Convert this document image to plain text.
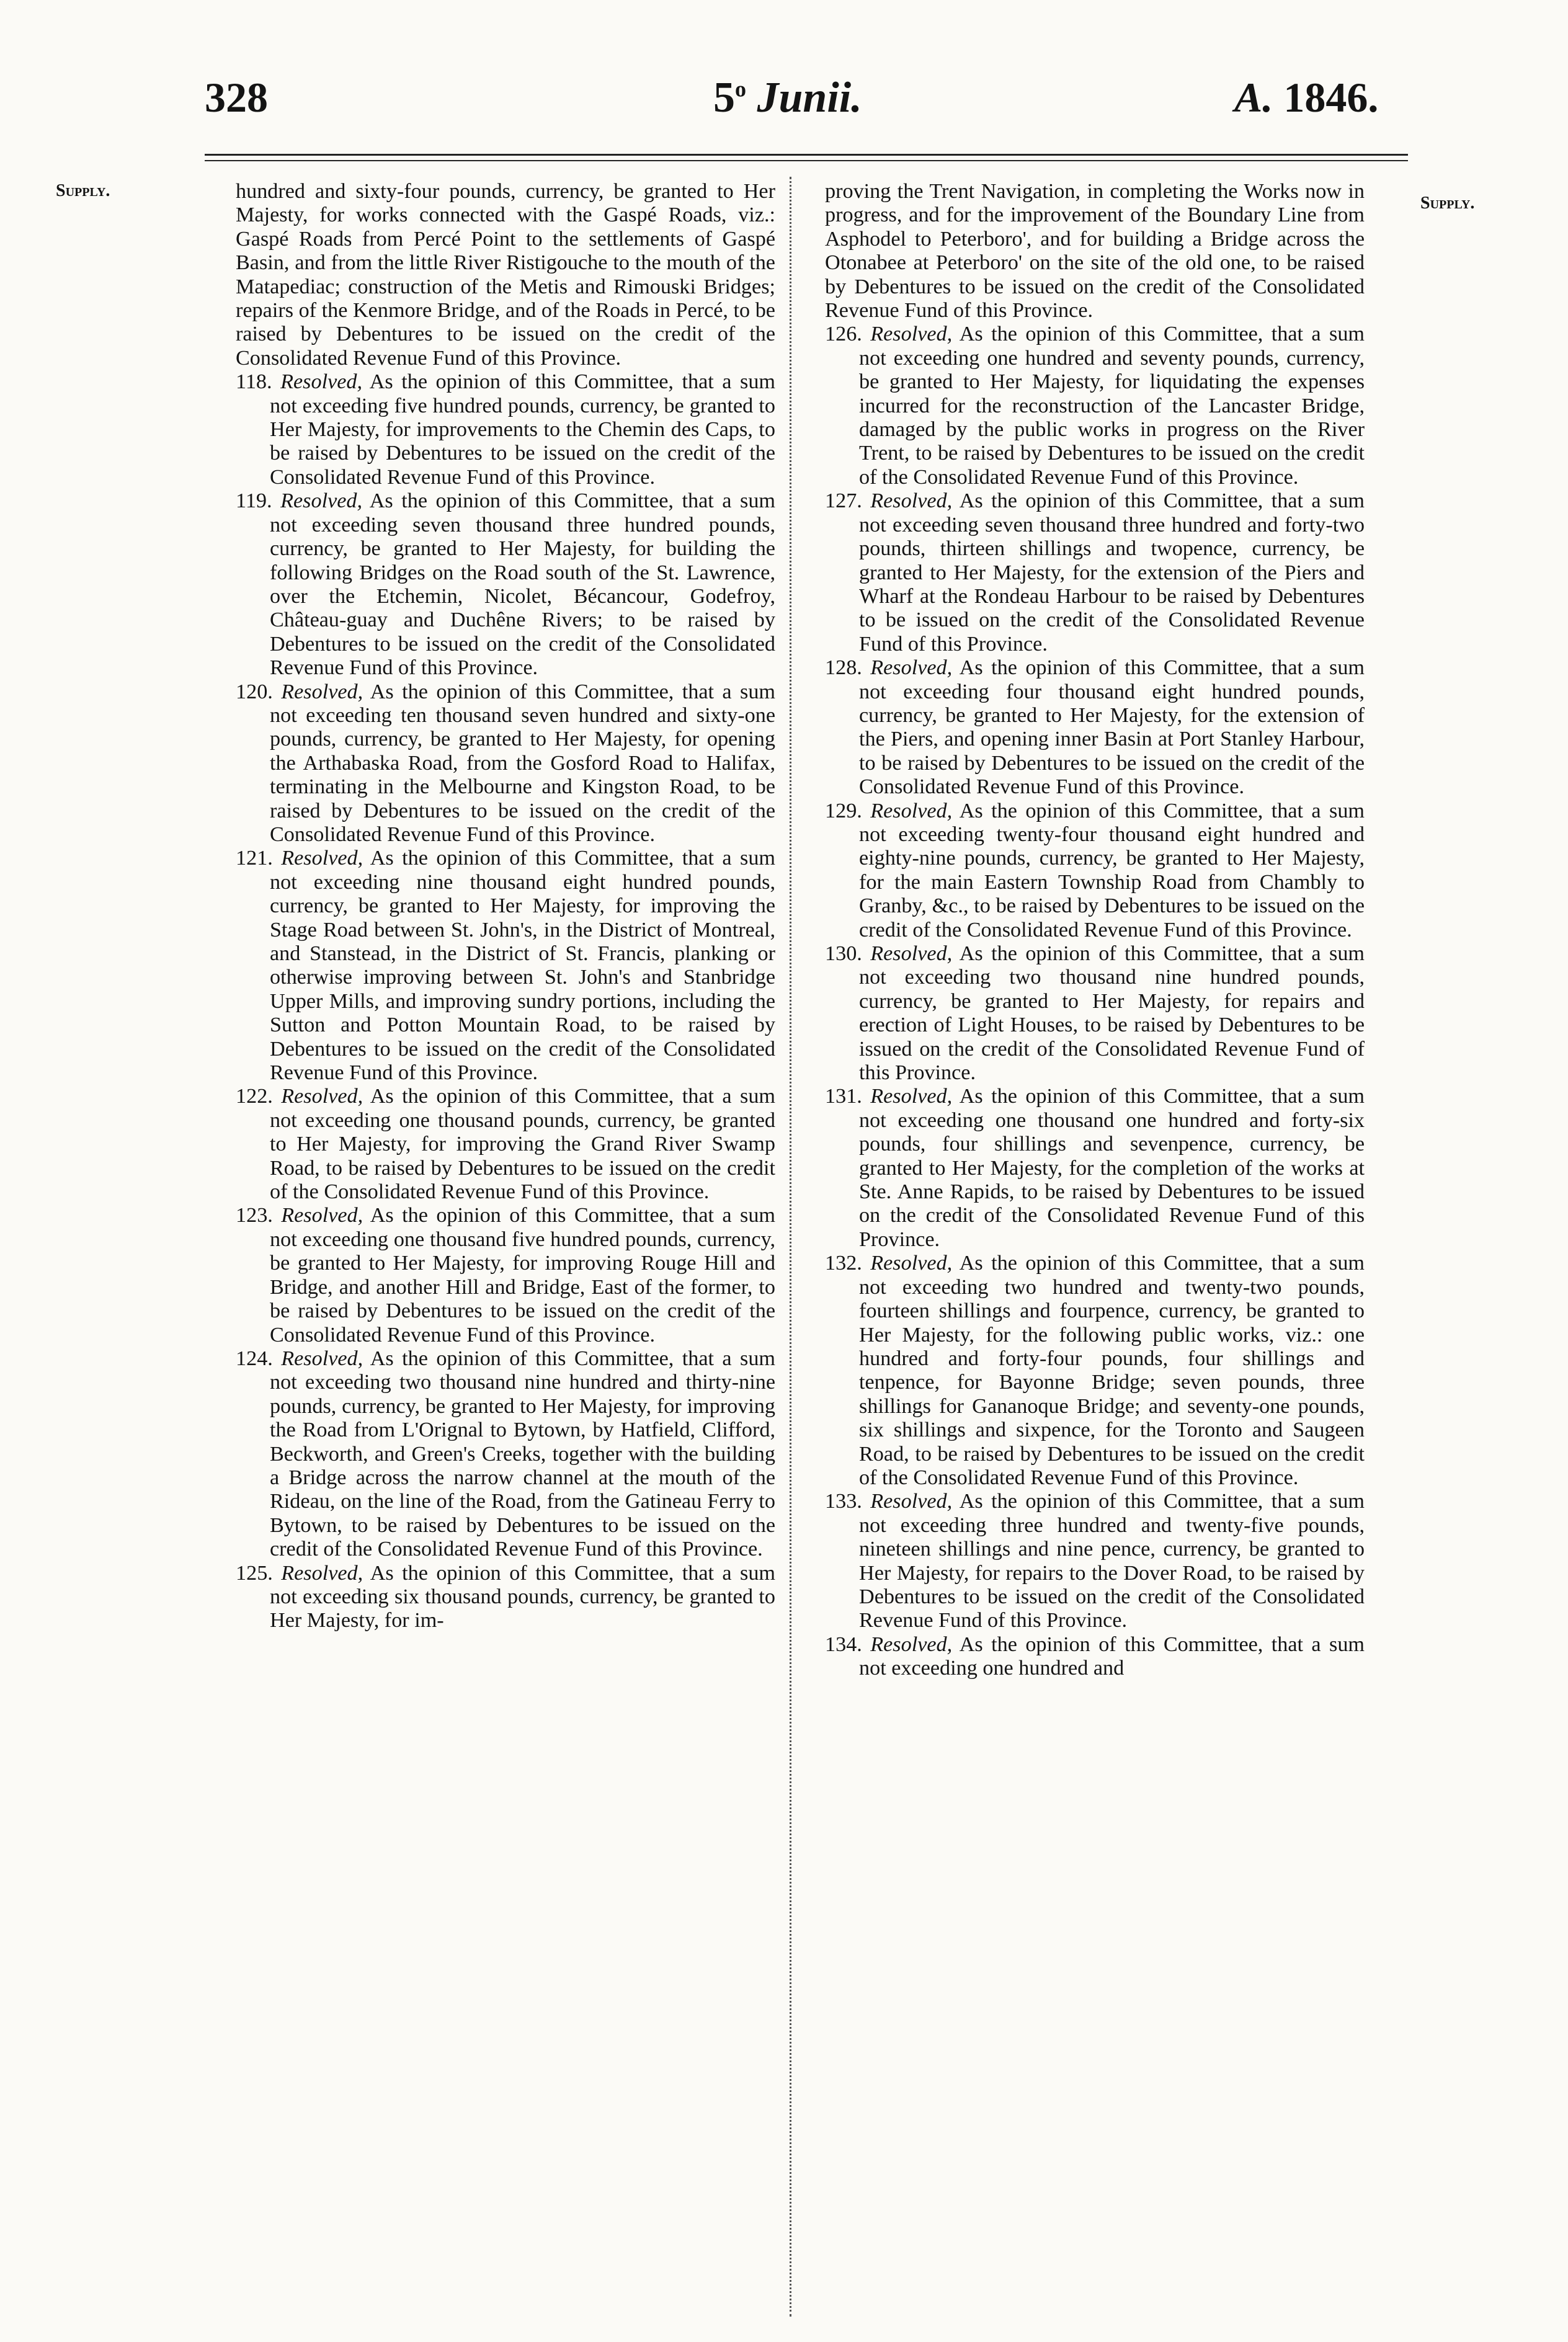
328	5$^o$ Junii.	A. 1846.
Supply.
Supply.

hundred and sixty-four pounds, currency, be granted to Her Majesty, for works connected with the Gaspé Roads, viz.: Gaspé Roads from Percé Point to the settlements of Gaspé Basin, and from the little River Ristigouche to the mouth of the Matapediac; construction of the Metis and Rimouski Bridges; repairs of the Kenmore Bridge, and of the Roads in Percé, to be raised by Debentures to be issued on the credit of the Consolidated Revenue Fund of this Province.

118. Resolved, As the opinion of this Committee, that a sum not exceeding five hundred pounds, currency, be granted to Her Majesty, for improvements to the Chemin des Caps, to be raised by Debentures to be issued on the credit of the Consolidated Revenue Fund of this Province.

119. Resolved, As the opinion of this Committee, that a sum not exceeding seven thousand three hundred pounds, currency, be granted to Her Majesty, for building the following Bridges on the Road south of the St. Lawrence, over the Etchemin, Nicolet, Bécancour, Godefroy, Château-guay and Duchêne Rivers; to be raised by Debentures to be issued on the credit of the Consolidated Revenue Fund of this Province.

120. Resolved, As the opinion of this Committee, that a sum not exceeding ten thousand seven hundred and sixty-one pounds, currency, be granted to Her Majesty, for opening the Arthabaska Road, from the Gosford Road to Halifax, terminating in the Melbourne and Kingston Road, to be raised by Debentures to be issued on the credit of the Consolidated Revenue Fund of this Province.

121. Resolved, As the opinion of this Committee, that a sum not exceeding nine thousand eight hundred pounds, currency, be granted to Her Majesty, for improving the Stage Road between St. John's, in the District of Montreal, and Stanstead, in the District of St. Francis, planking or otherwise improving between St. John's and Stanbridge Upper Mills, and improving sundry portions, including the Sutton and Potton Mountain Road, to be raised by Debentures to be issued on the credit of the Consolidated Revenue Fund of this Province.

122. Resolved, As the opinion of this Committee, that a sum not exceeding one thousand pounds, currency, be granted to Her Majesty, for improving the Grand River Swamp Road, to be raised by Debentures to be issued on the credit of the Consolidated Revenue Fund of this Province.

123. Resolved, As the opinion of this Committee, that a sum not exceeding one thousand five hundred pounds, currency, be granted to Her Majesty, for improving Rouge Hill and Bridge, and another Hill and Bridge, East of the former, to be raised by Debentures to be issued on the credit of the Consolidated Revenue Fund of this Province.

124. Resolved, As the opinion of this Committee, that a sum not exceeding two thousand nine hundred and thirty-nine pounds, currency, be granted to Her Majesty, for improving the Road from L'Orignal to Bytown, by Hatfield, Clifford, Beckworth, and Green's Creeks, together with the building a Bridge across the narrow channel at the mouth of the Rideau, on the line of the Road, from the Gatineau Ferry to Bytown, to be raised by Debentures to be issued on the credit of the Consolidated Revenue Fund of this Province.

125. Resolved, As the opinion of this Committee, that a sum not exceeding six thousand pounds, currency, be granted to Her Majesty, for im-

proving the Trent Navigation, in completing the Works now in progress, and for the improvement of the Boundary Line from Asphodel to Peterboro', and for building a Bridge across the Otonabee at Peterboro' on the site of the old one, to be raised by Debentures to be issued on the credit of the Consolidated Revenue Fund of this Province.

126. Resolved, As the opinion of this Committee, that a sum not exceeding one hundred and seventy pounds, currency, be granted to Her Majesty, for liquidating the expenses incurred for the reconstruction of the Lancaster Bridge, damaged by the public works in progress on the River Trent, to be raised by Debentures to be issued on the credit of the Consolidated Revenue Fund of this Province.

127. Resolved, As the opinion of this Committee, that a sum not exceeding seven thousand three hundred and forty-two pounds, thirteen shillings and twopence, currency, be granted to Her Majesty, for the extension of the Piers and Wharf at the Rondeau Harbour to be raised by Debentures to be issued on the credit of the Consolidated Revenue Fund of this Province.

128. Resolved, As the opinion of this Committee, that a sum not exceeding four thousand eight hundred pounds, currency, be granted to Her Majesty, for the extension of the Piers, and opening inner Basin at Port Stanley Harbour, to be raised by Debentures to be issued on the credit of the Consolidated Revenue Fund of this Province.

129. Resolved, As the opinion of this Committee, that a sum not exceeding twenty-four thousand eight hundred and eighty-nine pounds, currency, be granted to Her Majesty, for the main Eastern Township Road from Chambly to Granby, &c., to be raised by Debentures to be issued on the credit of the Consolidated Revenue Fund of this Province.

130. Resolved, As the opinion of this Committee, that a sum not exceeding two thousand nine hundred pounds, currency, be granted to Her Majesty, for repairs and erection of Light Houses, to be raised by Debentures to be issued on the credit of the Consolidated Revenue Fund of this Province.

131. Resolved, As the opinion of this Committee, that a sum not exceeding one thousand one hundred and forty-six pounds, four shillings and sevenpence, currency, be granted to Her Majesty, for the completion of the works at Ste. Anne Rapids, to be raised by Debentures to be issued on the credit of the Consolidated Revenue Fund of this Province.

132. Resolved, As the opinion of this Committee, that a sum not exceeding two hundred and twenty-two pounds, fourteen shillings and fourpence, currency, be granted to Her Majesty, for the following public works, viz.: one hundred and forty-four pounds, four shillings and tenpence, for Bayonne Bridge; seven pounds, three shillings for Gananoque Bridge; and seventy-one pounds, six shillings and sixpence, for the Toronto and Saugeen Road, to be raised by Debentures to be issued on the credit of the Consolidated Revenue Fund of this Province.

133. Resolved, As the opinion of this Committee, that a sum not exceeding three hundred and twenty-five pounds, nineteen shillings and nine pence, currency, be granted to Her Majesty, for repairs to the Dover Road, to be raised by Debentures to be issued on the credit of the Consolidated Revenue Fund of this Province.

134. Resolved, As the opinion of this Committee, that a sum not exceeding one hundred and
